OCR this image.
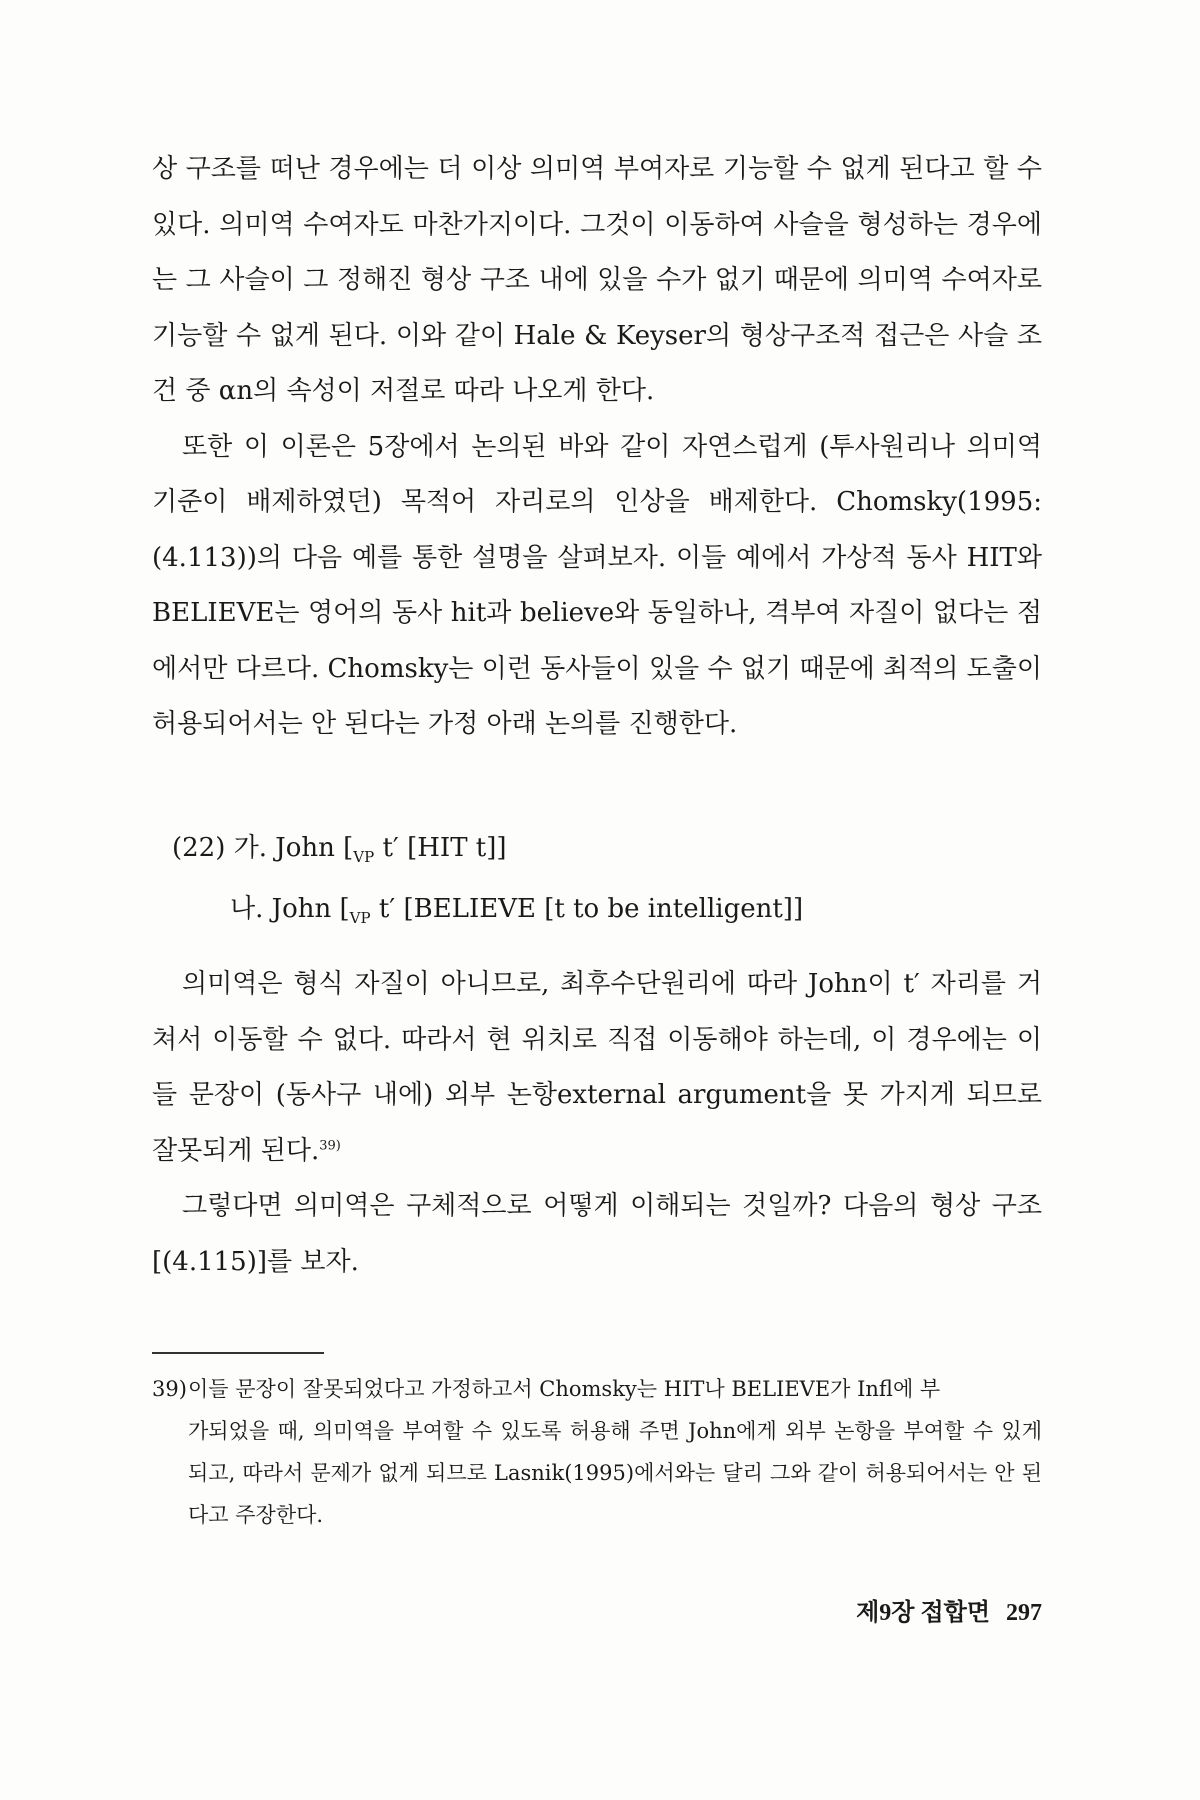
상 구조를 떠난 경우에는 더 이상 의미역 부여자로 기능할 수 없게 된다고 할 수 있다. 의미역 수여자도 마찬가지이다. 그것이 이동하여 사슬을 형성하는 경우에는 그 사슬이 그 정해진 형상 구조 내에 있을 수가 없기 때문에 의미역 수여자로 기능할 수 없게 된다. 이와 같이 Hale & Keyser의 형상구조적 접근은 사슬 조건 중 αn의 속성이 저절로 따라 나오게 한다.

또한 이 이론은 5장에서 논의된 바와 같이 자연스럽게 (투사원리나 의미역 기준이 배제하였던) 목적어 자리로의 인상을 배제한다. Chomsky(1995: (4.113))의 다음 예를 통한 설명을 살펴보자. 이들 예에서 가상적 동사 HIT와 BELIEVE는 영어의 동사 hit과 believe와 동일하나, 격부여 자질이 없다는 점에서만 다르다. Chomsky는 이런 동사들이 있을 수 없기 때문에 최적의 도출이 허용되어서는 안 된다는 가정 아래 논의를 진행한다.

(22) 가. John [$_{VP}$ t′ [HIT t]]
나. John [$_{VP}$ t′ [BELIEVE [t to be intelligent]]

의미역은 형식 자질이 아니므로, 최후수단원리에 따라 John이 t′ 자리를 거쳐서 이동할 수 없다. 따라서 현 위치로 직접 이동해야 하는데, 이 경우에는 이들 문장이 (동사구 내에) 외부 논항external argument을 못 가지게 되므로 잘못되게 된다.$^{39)}$

그렇다면 의미역은 구체적으로 어떻게 이해되는 것일까? 다음의 형상 구조[(4.115)]를 보자.

39)이들 문장이 잘못되었다고 가정하고서 Chomsky는 HIT나 BELIEVE가 Infl에 부
가되었을 때, 의미역을 부여할 수 있도록 허용해 주면 John에게 외부 논항을 부여할 수 있게 되고, 따라서 문제가 없게 되므로 Lasnik(1995)에서와는 달리 그와 같이 허용되어서는 안 된다고 주장한다.
제9장 접합면 297
